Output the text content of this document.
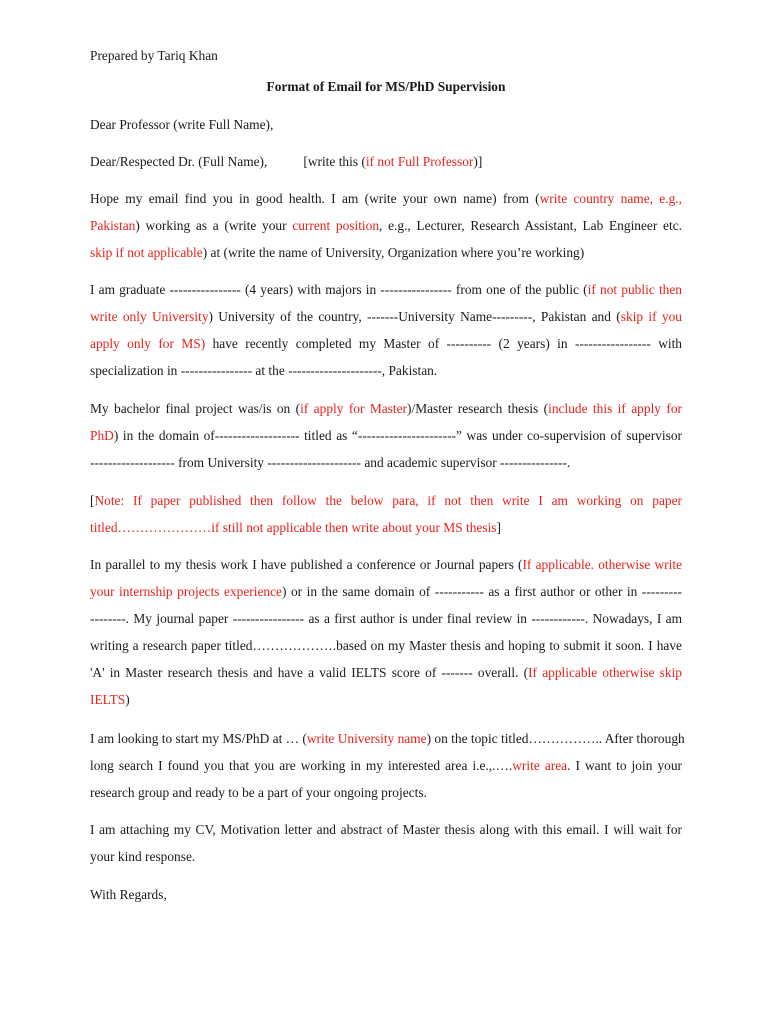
Prepared by Tariq Khan
Format of Email for MS/PhD Supervision
Dear Professor (write Full Name),
Dear/Respected Dr. (Full Name),	[write this (if not Full Professor)]
Hope my email find you in good health. I am (write your own name) from (write country name, e.g.,
Pakistan) working as a (write your current position, e.g., Lecturer, Research Assistant, Lab Engineer etc.
skip if not applicable) at (write the name of University, Organization where you’re working)
I am graduate ---------------- (4 years) with majors in ---------------- from one of the public (if not public then
write only University) University of the country, -------University Name---------, Pakistan and (skip if you
apply only for MS) have recently completed my Master of ---------- (2 years) in ----------------- with
specialization in ---------------- at the ---------------------, Pakistan.
My bachelor final project was/is on (if apply for Master)/Master research thesis (include this if apply for
PhD) in the domain of------------------- titled as “----------------------” was under co-supervision of supervisor
------------------- from University --------------------- and academic supervisor ---------------.
[Note: If paper published then follow the below para, if not then write I am working on paper
titled…………………if still not applicable then write about your MS thesis]
In parallel to my thesis work I have published a conference or Journal papers (If applicable. otherwise write
your internship projects experience) or in the same domain of ----------- as a first author or other in ---------
--------. My journal paper ---------------- as a first author is under final review in ------------. Nowadays, I am
writing a research paper titled……………….based on my Master thesis and hoping to submit it soon. I have
'A' in Master research thesis and have a valid IELTS score of ------- overall. (If applicable otherwise skip
IELTS)
I am looking to start my MS/PhD at … (write University name) on the topic titled…………….. After thorough
long search I found you that you are working in my interested area i.e.,.….write area. I want to join your
research group and ready to be a part of your ongoing projects.
I am attaching my CV, Motivation letter and abstract of Master thesis along with this email. I will wait for
your kind response.
With Regards,
